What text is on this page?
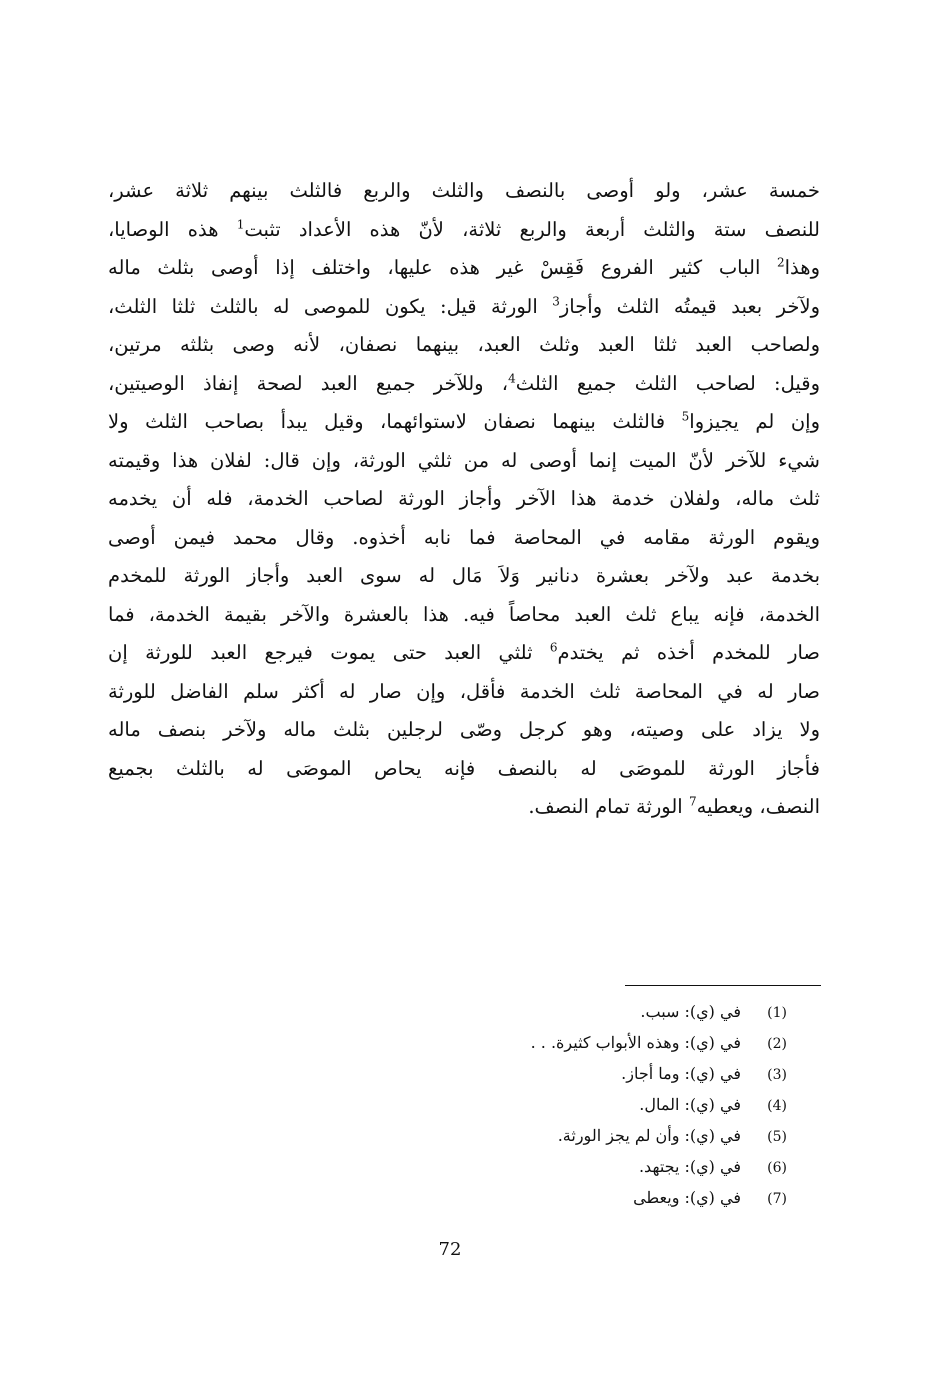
خمسة عشر، ولو أوصى بالنصف والثلث والربع فالثلث بينهم ثلاثة عشر،
للنصف ستة والثلث أربعة والربع ثلاثة، لأنّ هذه الأعداد تثبت$^1$ هذه الوصايا،
وهذا$^2$ الباب كثير الفروع فَقِسْ غير هذه عليها، واختلف إذا أوصى بثلث ماله
ولآخر بعبد قيمتُه الثلث وأجاز$^3$ الورثة قيل: يكون للموصى له بالثلث ثلثا الثلث،
ولصاحب العبد ثلثا العبد وثلث العبد، بينهما نصفان، لأنه وصى بثلثه مرتين،
وقيل: لصاحب الثلث جميع الثلث$^4$، وللآخر جميع العبد لصحة إنفاذ الوصيتين،
وإن لم يجيزوا$^5$ فالثلث بينهما نصفان لاستوائهما، وقيل يبدأ بصاحب الثلث ولا
شيء للآخر لأنّ الميت إنما أوصى له من ثلثي الورثة، وإن قال: لفلان هذا وقيمته
ثلث ماله، ولفلان خدمة هذا الآخر وأجاز الورثة لصاحب الخدمة، فله أن يخدمه
ويقوم الورثة مقامه في المحاصة فما نابه أخذوه. وقال محمد فيمن أوصى
بخدمة عبد ولآخر بعشرة دنانير وَلاَ مَال له سوى العبد وأجاز الورثة للمخدم
الخدمة، فإنه يباع ثلث العبد محاصاً فيه. هذا بالعشرة والآخر بقيمة الخدمة، فما
صار للمخدم أخذه ثم يختدم$^6$ ثلثي العبد حتى يموت فيرجع العبد للورثة إن
صار له في المحاصة ثلث الخدمة فأقل، وإن صار له أكثر سلم الفاضل للورثة
ولا يزاد على وصيته، وهو كرجل وصّى لرجلين بثلث ماله ولآخر بنصف ماله
فأجاز الورثة للموصَى له بالنصف فإنه يحاص الموصَى له بالثلث بجميع
النصف، ويعطيه$^7$ الورثة تمام النصف.
(1)في (ي): سبب.
(2)في (ي): وهذه الأبواب كثيرة. . .
(3)في (ي): وما أجاز.
(4)في (ي): المال.
(5)في (ي): وأن لم يجز الورثة.
(6)في (ي): يجتهد.
(7)في (ي): ويعطى
72
